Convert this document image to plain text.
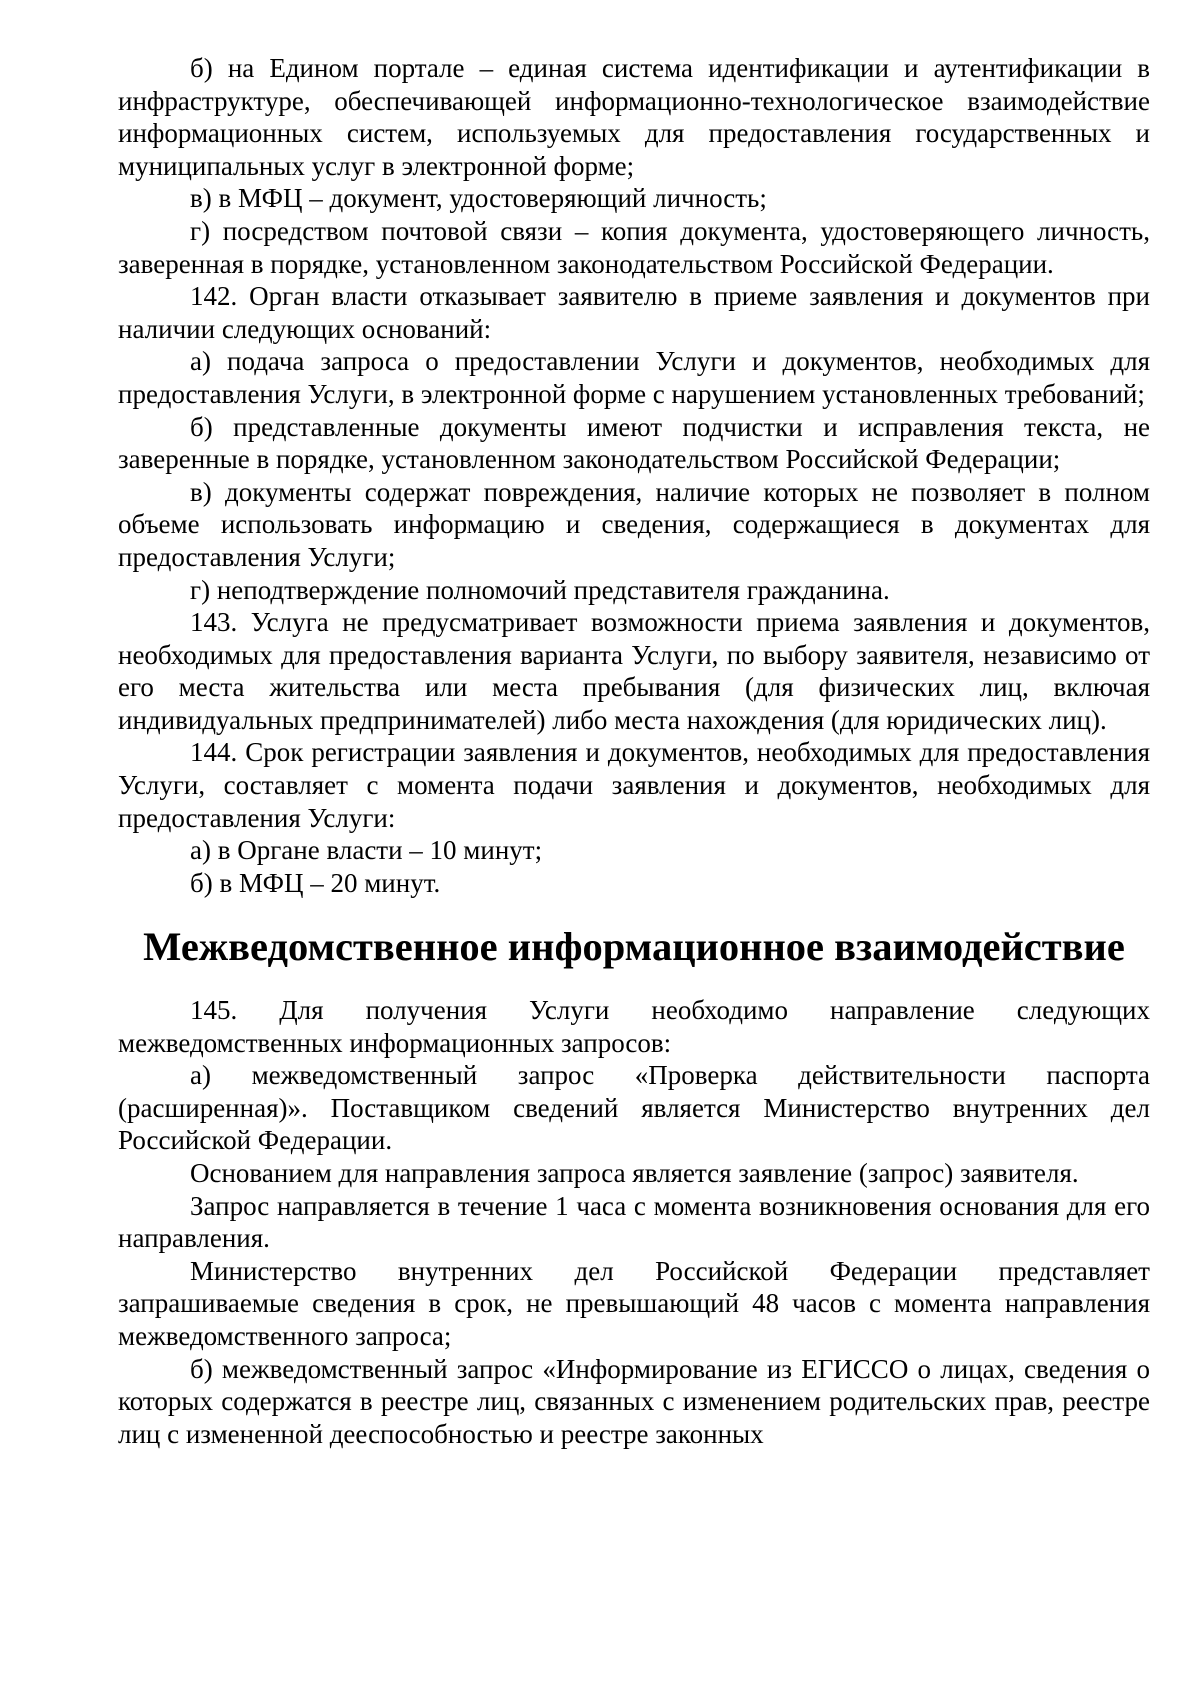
б) на Едином портале – единая система идентификации и аутентификации в инфраструктуре, обеспечивающей информационно-технологическое взаимодействие информационных систем, используемых для предоставления государственных и муниципальных услуг в электронной форме;

в) в МФЦ – документ, удостоверяющий личность;

г) посредством почтовой связи – копия документа, удостоверяющего личность, заверенная в порядке, установленном законодательством Российской Федерации.

142. Орган власти отказывает заявителю в приеме заявления и документов при наличии следующих оснований:

а) подача запроса о предоставлении Услуги и документов, необходимых для предоставления Услуги, в электронной форме с нарушением установленных требований;

б) представленные документы имеют подчистки и исправления текста, не заверенные в порядке, установленном законодательством Российской Федерации;

в) документы содержат повреждения, наличие которых не позволяет в полном объеме использовать информацию и сведения, содержащиеся в документах для предоставления Услуги;

г) неподтверждение полномочий представителя гражданина.

143. Услуга не предусматривает возможности приема заявления и документов, необходимых для предоставления варианта Услуги, по выбору заявителя, независимо от его места жительства или места пребывания (для физических лиц, включая индивидуальных предпринимателей) либо места нахождения (для юридических лиц).

144. Срок регистрации заявления и документов, необходимых для предоставления Услуги, составляет с момента подачи заявления и документов, необходимых для предоставления Услуги:

а) в Органе власти – 10 минут;

б) в МФЦ – 20 минут.

Межведомственное информационное взаимодействие

145. Для получения Услуги необходимо направление следующих межведомственных информационных запросов:

а) межведомственный запрос «Проверка действительности паспорта (расширенная)». Поставщиком сведений является Министерство внутренних дел Российской Федерации.

Основанием для направления запроса является заявление (запрос) заявителя.

Запрос направляется в течение 1 часа с момента возникновения основания для его направления.

Министерство внутренних дел Российской Федерации представляет запрашиваемые сведения в срок, не превышающий 48 часов с момента направления межведомственного запроса;

б) межведомственный запрос «Информирование из ЕГИССО о лицах, сведения о которых содержатся в реестре лиц, связанных с изменением родительских прав, реестре лиц с измененной дееспособностью и реестре законных
